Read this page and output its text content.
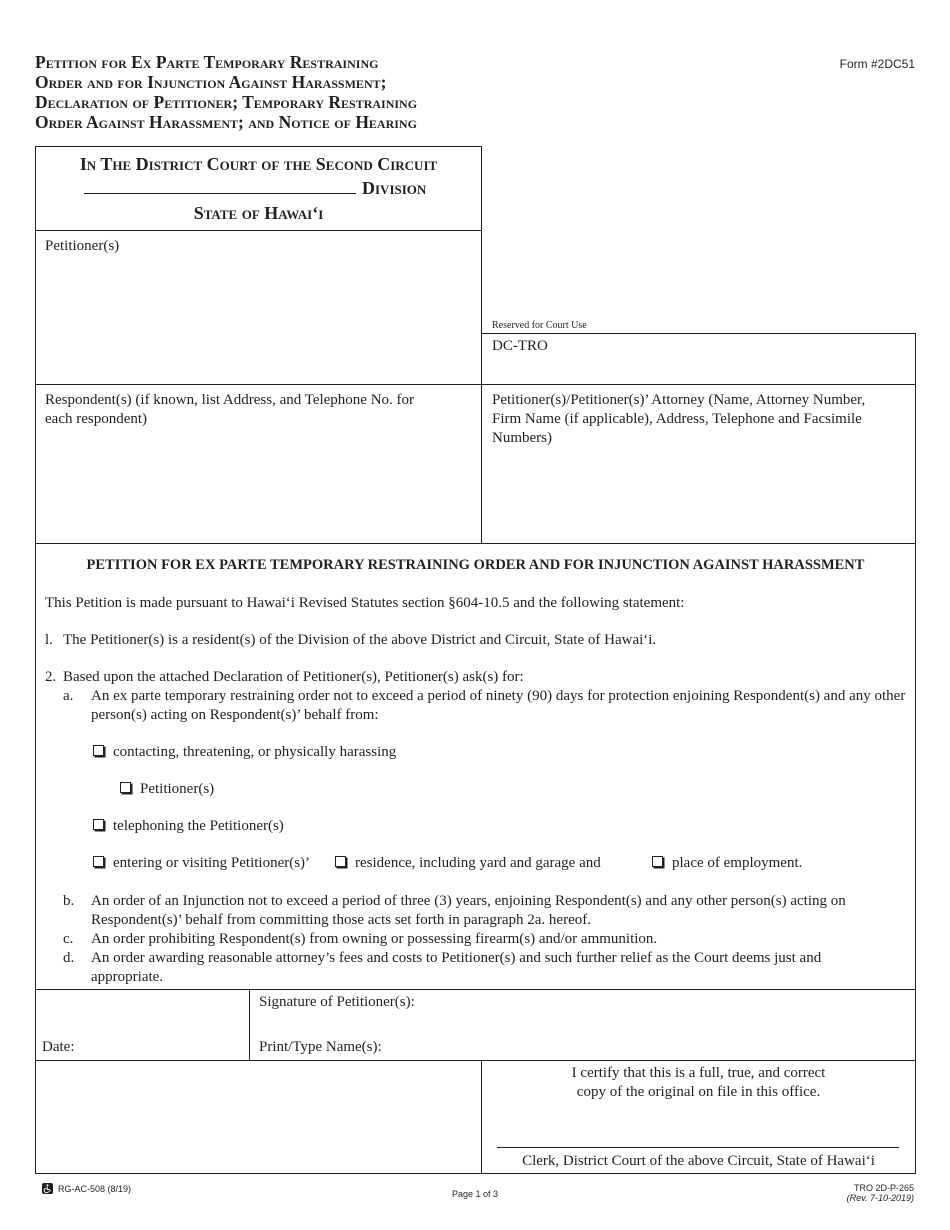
Petition for Ex Parte Temporary Restraining
Order and for Injunction Against Harassment;
Declaration of Petitioner; Temporary Restraining
Order Against Harassment; and Notice of Hearing
Form #2DC51
In The District Court of the Second Circuit
Division
State of Hawai‘i
Petitioner(s)
Reserved for Court Use
DC-TRO
Respondent(s) (if known, list Address, and Telephone No. for each respondent)
Petitioner(s)/Petitioner(s)’ Attorney (Name, Attorney Number, Firm Name (if applicable), Address, Telephone and Facsimile Numbers)
PETITION FOR EX PARTE TEMPORARY RESTRAINING ORDER AND FOR INJUNCTION AGAINST HARASSMENT
This Petition is made pursuant to Hawai‘i Revised Statutes section §604-10.5 and the following statement:
l. The Petitioner(s) is a resident(s) of the Division of the above District and Circuit, State of Hawai‘i.
2. Based upon the attached Declaration of Petitioner(s), Petitioner(s) ask(s) for:
a. An ex parte temporary restraining order not to exceed a period of ninety (90) days for protection enjoining Respondent(s) and any other person(s) acting on Respondent(s)’ behalf from:
contacting, threatening, or physically harassing
Petitioner(s)
telephoning the Petitioner(s)
entering or visiting Petitioner(s)’	residence, including yard and garage and	place of employment.
b. An order of an Injunction not to exceed a period of three (3) years, enjoining Respondent(s) and any other person(s) acting on Respondent(s)’ behalf from committing those acts set forth in paragraph 2a. hereof.
c. An order prohibiting Respondent(s) from owning or possessing firearm(s) and/or ammunition.
d. An order awarding reasonable attorney’s fees and costs to Petitioner(s) and such further relief as the Court deems just and appropriate.
Date:
Signature of Petitioner(s):
Print/Type Name(s):
I certify that this is a full, true, and correct
copy of the original on file in this office.
Clerk, District Court of the above Circuit, State of Hawai‘i
RG-AC-508 (8/19)
Page 1 of 3
TRO 2D-P-265
(Rev. 7-10-2019)
